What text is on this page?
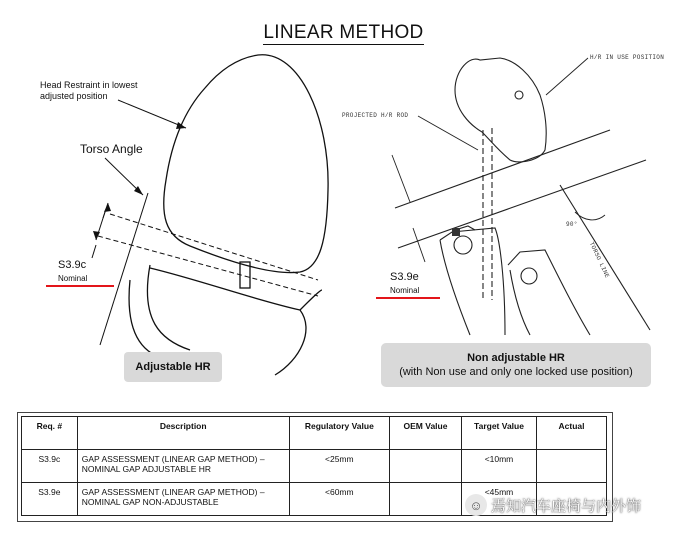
LINEAR METHOD
Head Restraint in lowest
adjusted position
Torso Angle
S3.9c
Nominal
Adjustable HR
H/R IN USE POSITION
PROJECTED H/R ROD
90°
TORSO LINE
S3.9e
Nominal
Non adjustable HR
(with Non use and only one locked use position)
Req. #	Description	Regulatory Value	OEM Value	Target Value	Actual
S3.9c	GAP ASSESSMENT (LINEAR GAP METHOD) – NOMINAL GAP ADJUSTABLE HR	<25mm		<10mm	
S3.9e	GAP ASSESSMENT (LINEAR GAP METHOD) – NOMINAL GAP NON-ADJUSTABLE	<60mm		<45mm	
☺ 焉知汽车座椅与内外饰
